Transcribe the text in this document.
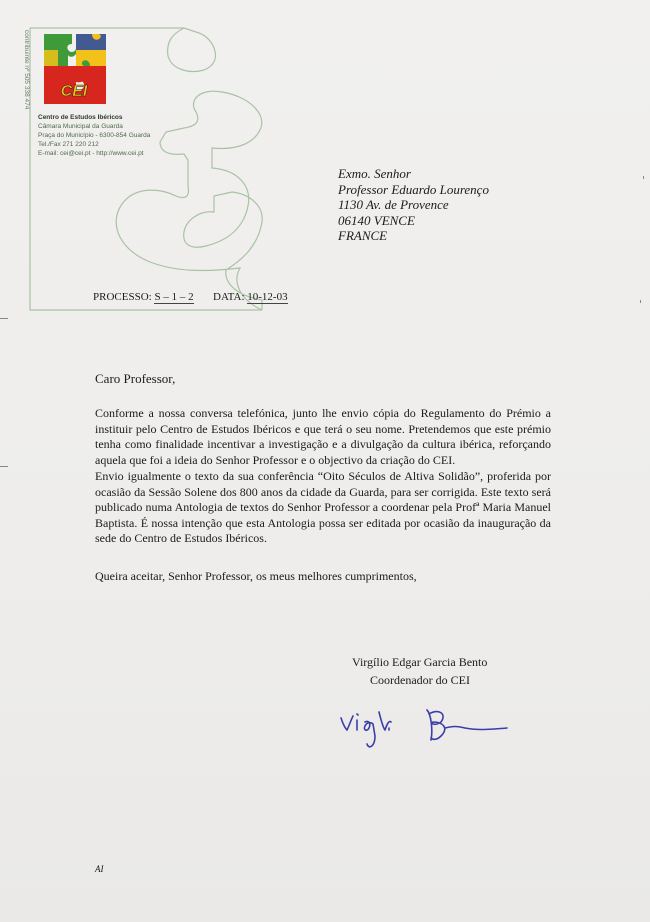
contribuinte nº 505 338 474 CEI
Centro de Estudos Ibéricos
Câmara Municipal da Guarda
Praça do Município - 6300-854 Guarda
Tel./Fax 271 220 212
E-mail: cei@cei.pt - http://www.cei.pt
Exmo. Senhor
Professor Eduardo Lourenço
1130 Av. de Provence
06140 VENCE
FRANCE
PROCESSO: S – 1 – 2 DATA: 10-12-03
Caro Professor,
Conforme a nossa conversa telefónica, junto lhe envio cópia do Regulamento do Prémio a instituir pelo Centro de Estudos Ibéricos e que terá o seu nome. Pretendemos que este prémio tenha como finalidade incentivar a investigação e a divulgação da cultura ibérica, reforçando aquela que foi a ideia do Senhor Professor e o objectivo da criação do CEI.
Envio igualmente o texto da sua conferência “Oito Séculos de Altiva Solidão”, proferida por ocasião da Sessão Solene dos 800 anos da cidade da Guarda, para ser corrigida. Este texto será publicado numa Antologia de textos do Senhor Professor a coordenar pela Profª Maria Manuel Baptista. É nossa intenção que esta Antologia possa ser editada por ocasião da inauguração da sede do Centro de Estudos Ibéricos.
Queira aceitar, Senhor Professor, os meus melhores cumprimentos,
Virgílio Edgar Garcia Bento
Coordenador do CEI
AI
